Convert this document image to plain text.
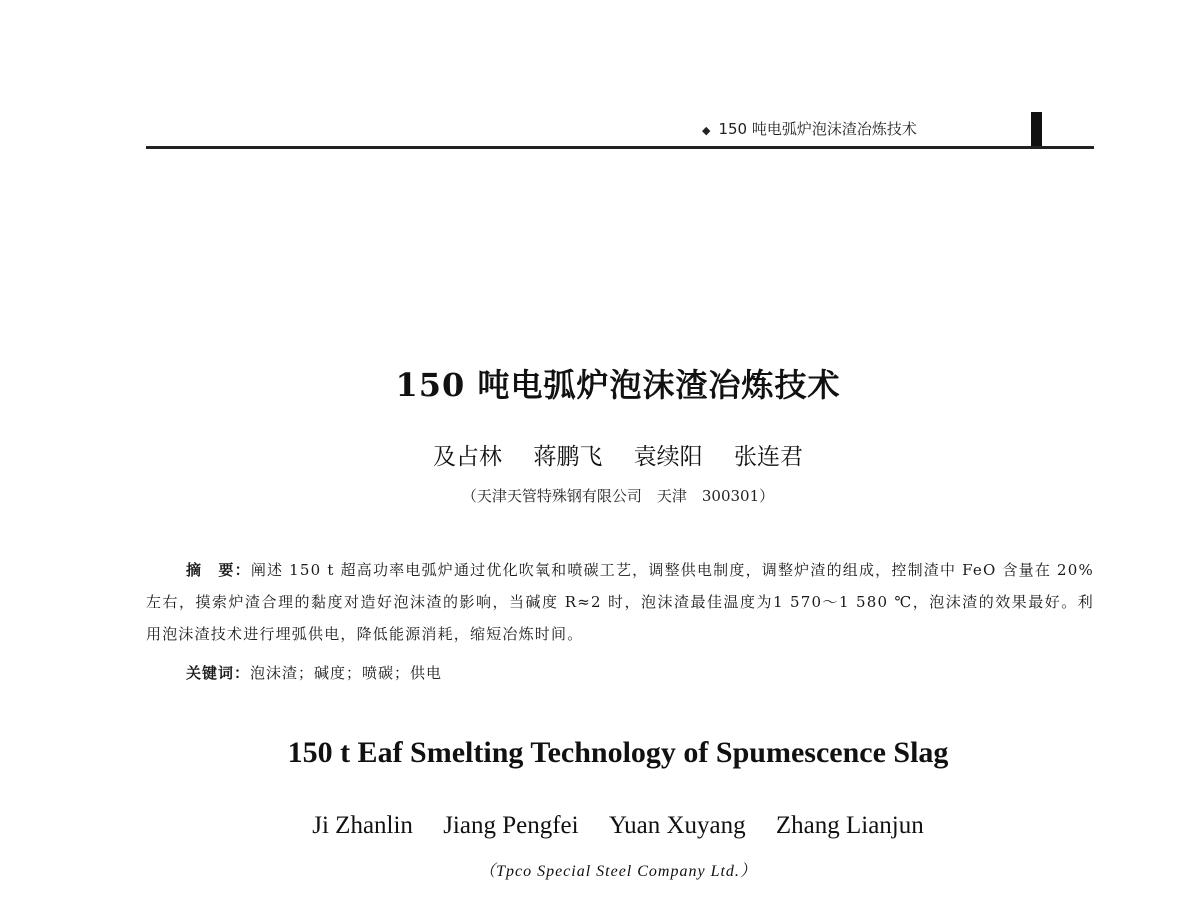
◆ 150 吨电弧炉泡沫渣冶炼技术
150 吨电弧炉泡沫渣冶炼技术
及占林 蒋鹏飞 袁续阳 张连君
（天津天管特殊钢有限公司　天津　300301）
摘　要：阐述 150 t 超高功率电弧炉通过优化吹氧和喷碳工艺，调整供电制度，调整炉渣的组成，控制渣中 FeO 含量在 20% 左右，摸索炉渣合理的黏度对造好泡沫渣的影响，当碱度 R≈2 时，泡沫渣最佳温度为1 570～1 580 ℃，泡沫渣的效果最好。利用泡沫渣技术进行埋弧供电，降低能源消耗，缩短冶炼时间。
关键词：泡沫渣；碱度；喷碳；供电
150 t Eaf Smelting Technology of Spumescence Slag
Ji Zhanlin Jiang Pengfei Yuan Xuyang Zhang Lianjun
（Tpco Special Steel Company Ltd.）
